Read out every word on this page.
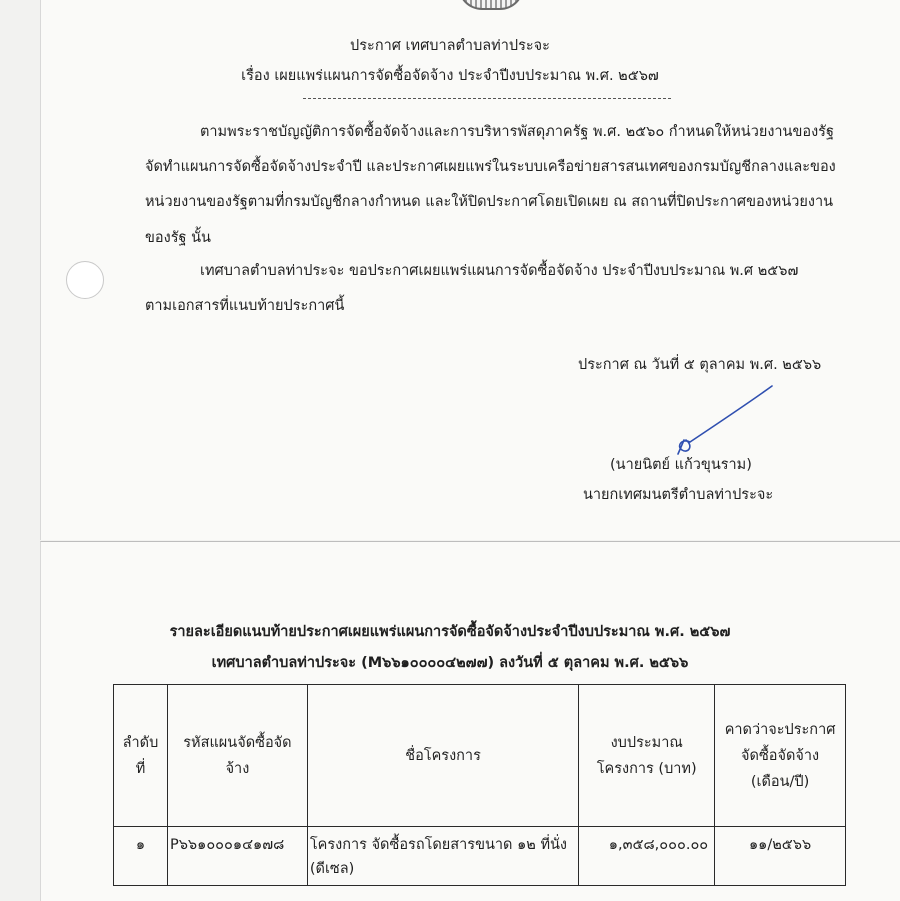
ประกาศ เทศบาลตำบลท่าประจะ
เรื่อง เผยแพร่แผนการจัดซื้อจัดจ้าง ประจำปีงบประมาณ พ.ศ. ๒๕๖๗
ตามพระราชบัญญัติการจัดซื้อจัดจ้างและการบริหารพัสดุภาครัฐ พ.ศ. ๒๕๖๐ กำหนดให้หน่วยงานของรัฐ
จัดทำแผนการจัดซื้อจัดจ้างประจำปี และประกาศเผยแพร่ในระบบเครือข่ายสารสนเทศของกรมบัญชีกลางและของ
หน่วยงานของรัฐตามที่กรมบัญชีกลางกำหนด และให้ปิดประกาศโดยเปิดเผย ณ สถานที่ปิดประกาศของหน่วยงาน
ของรัฐ นั้น
เทศบาลตำบลท่าประจะ ขอประกาศเผยแพร่แผนการจัดซื้อจัดจ้าง ประจำปีงบประมาณ พ.ศ ๒๕๖๗
ตามเอกสารที่แนบท้ายประกาศนี้
ประกาศ ณ วันที่ ๕ ตุลาคม พ.ศ. ๒๕๖๖
(นายนิตย์ แก้วขุนราม)
นายกเทศมนตรีตำบลท่าประจะ
รายละเอียดแนบท้ายประกาศเผยแพร่แผนการจัดซื้อจัดจ้างประจำปีงบประมาณ พ.ศ. ๒๕๖๗
เทศบาลตำบลท่าประจะ (M๖๖๑๐๐๐๐๔๒๗๗) ลงวันที่ ๕ ตุลาคม พ.ศ. ๒๕๖๖
ลำดับที่	รหัสแผนจัดซื้อจัดจ้าง	ชื่อโครงการ	งบประมาณโครงการ (บาท)	คาดว่าจะประกาศจัดซื้อจัดจ้าง (เดือน/ปี)
๑	P๖๖๑๐๐๐๑๔๑๗๘	โครงการ จัดซื้อรถโดยสารขนาด ๑๒ ที่นั่ง
(ดีเซล)	๑,๓๕๘,๐๐๐.๐๐	๑๑/๒๕๖๖
